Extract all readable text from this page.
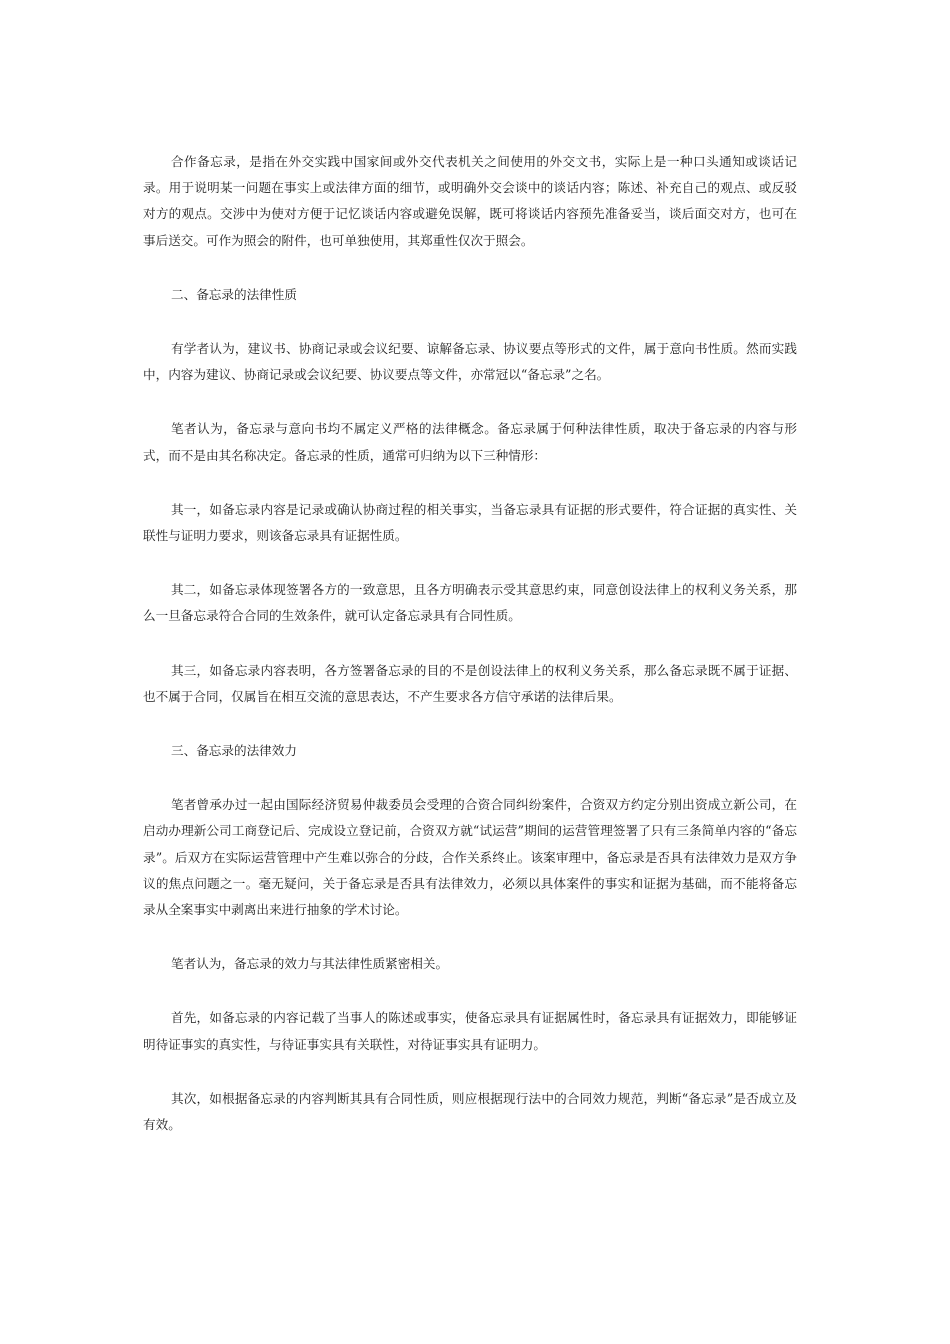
合作备忘录，是指在外交实践中国家间或外交代表机关之间使用的外交文书，实际上是一种口头通知或谈话记录。用于说明某一问题在事实上或法律方面的细节，或明确外交会谈中的谈话内容；陈述、补充自己的观点、或反驳对方的观点。交涉中为使对方便于记忆谈话内容或避免误解，既可将谈话内容预先准备妥当，谈后面交对方，也可在事后送交。可作为照会的附件，也可单独使用，其郑重性仅次于照会。

二、备忘录的法律性质

有学者认为，建议书、协商记录或会议纪要、谅解备忘录、协议要点等形式的文件，属于意向书性质。然而实践中，内容为建议、协商记录或会议纪要、协议要点等文件，亦常冠以“备忘录”之名。

笔者认为，备忘录与意向书均不属定义严格的法律概念。备忘录属于何种法律性质，取决于备忘录的内容与形式，而不是由其名称决定。备忘录的性质，通常可归纳为以下三种情形：

其一，如备忘录内容是记录或确认协商过程的相关事实，当备忘录具有证据的形式要件，符合证据的真实性、关联性与证明力要求，则该备忘录具有证据性质。

其二，如备忘录体现签署各方的一致意思，且各方明确表示受其意思约束，同意创设法律上的权利义务关系，那么一旦备忘录符合合同的生效条件，就可认定备忘录具有合同性质。

其三，如备忘录内容表明，各方签署备忘录的目的不是创设法律上的权利义务关系，那么备忘录既不属于证据、也不属于合同，仅属旨在相互交流的意思表达，不产生要求各方信守承诺的法律后果。

三、备忘录的法律效力

笔者曾承办过一起由国际经济贸易仲裁委员会受理的合资合同纠纷案件，合资双方约定分别出资成立新公司，在启动办理新公司工商登记后、完成设立登记前，合资双方就“试运营”期间的运营管理签署了只有三条简单内容的“备忘录”。后双方在实际运营管理中产生难以弥合的分歧，合作关系终止。该案审理中，备忘录是否具有法律效力是双方争议的焦点问题之一。毫无疑问，关于备忘录是否具有法律效力，必须以具体案件的事实和证据为基础，而不能将备忘录从全案事实中剥离出来进行抽象的学术讨论。

笔者认为，备忘录的效力与其法律性质紧密相关。

首先，如备忘录的内容记载了当事人的陈述或事实，使备忘录具有证据属性时，备忘录具有证据效力，即能够证明待证事实的真实性，与待证事实具有关联性，对待证事实具有证明力。

其次，如根据备忘录的内容判断其具有合同性质，则应根据现行法中的合同效力规范，判断“备忘录”是否成立及有效。
